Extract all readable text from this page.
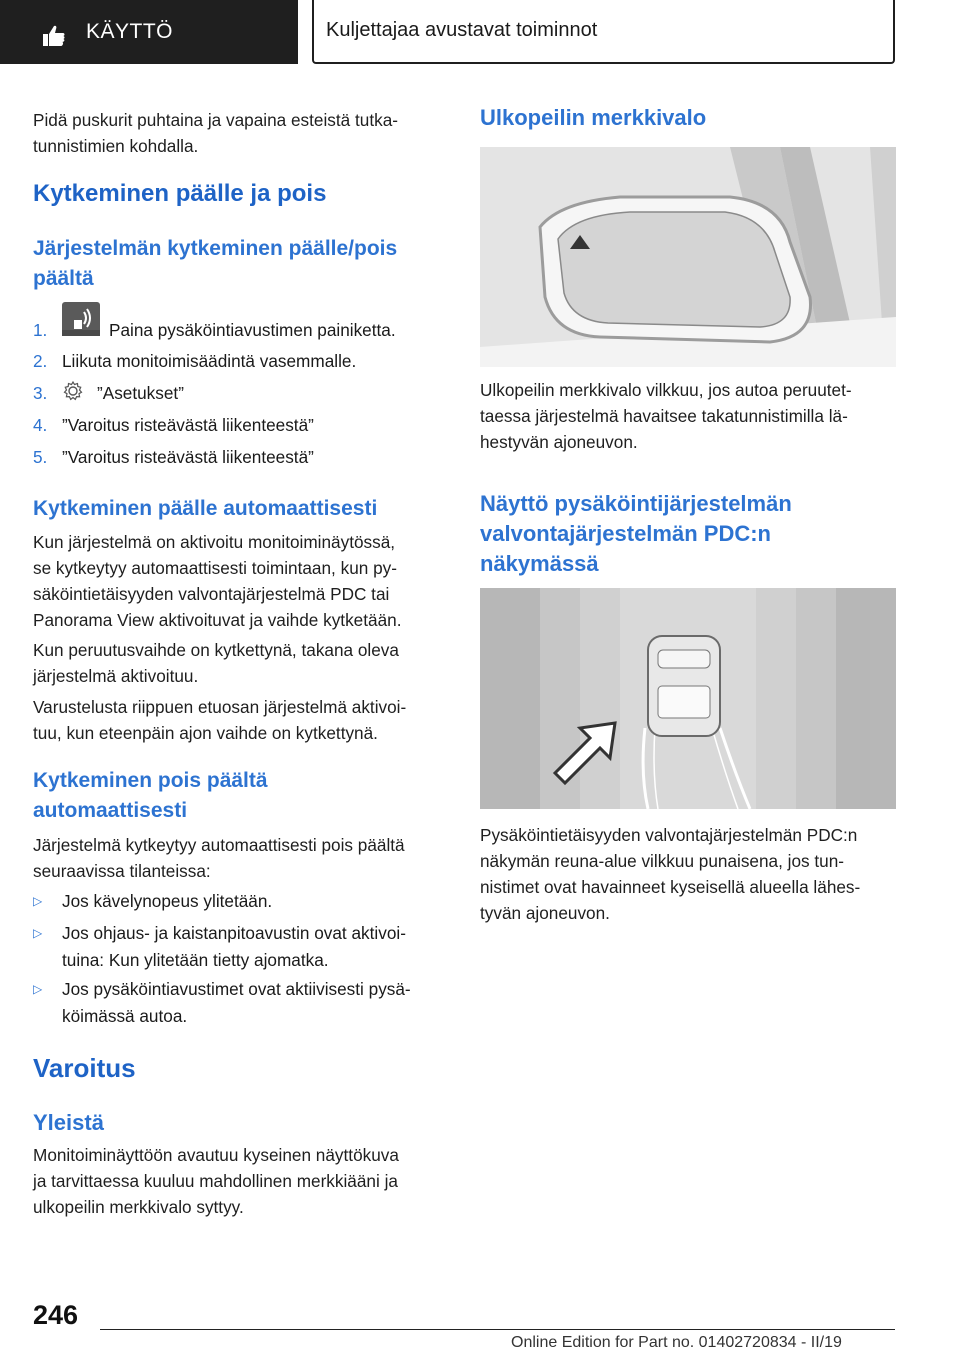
KÄYTTÖ	Kuljettajaa avustavat toiminnot
Pidä puskurit puhtaina ja vapaina esteistä tutka-
tunnistimien kohdalla.
Kytkeminen päälle ja pois
Järjestelmän kytkeminen päälle/pois
päältä
1.	Paina pysäköintiavustimen painiketta.
2. Liikuta monitoimisäädintä vasemmalle.
3.	”Asetukset”
4. ”Varoitus risteävästä liikenteestä”
5. ”Varoitus risteävästä liikenteestä”
Kytkeminen päälle automaattisesti
Kun järjestelmä on aktivoitu monitoiminäytössä,
se kytkeytyy automaattisesti toimintaan, kun py-
säköintietäisyyden valvontajärjestelmä PDC tai
Panorama View aktivoituvat ja vaihde kytketään.
Kun peruutusvaihde on kytkettynä, takana oleva
järjestelmä aktivoituu.
Varustelusta riippuen etuosan järjestelmä aktivoi-
tuu, kun eteenpäin ajon vaihde on kytkettynä.
Kytkeminen pois päältä
automaattisesti
Järjestelmä kytkeytyy automaattisesti pois päältä
seuraavissa tilanteissa:
▷ Jos kävelynopeus ylitetään.
▷ Jos ohjaus- ja kaistanpitoavustin ovat aktivoi-
tuina: Kun ylitetään tietty ajomatka.
▷ Jos pysäköintiavustimet ovat aktiivisesti pysä-
köimässä autoa.
Varoitus
Yleistä
Monitoiminäyttöön avautuu kyseinen näyttökuva
ja tarvittaessa kuuluu mahdollinen merkkiääni ja
ulkopeilin merkkivalo syttyy.
Ulkopeilin merkkivalo
Ulkopeilin merkkivalo vilkkuu, jos autoa peruutet-
taessa järjestelmä havaitsee takatunnistimilla lä-
hestyvän ajoneuvon.
Näyttö pysäköintijärjestelmän
valvontajärjestelmän PDC:n
näkymässä
Pysäköintietäisyyden valvontajärjestelmän PDC:n
näkymän reuna-alue vilkkuu punaisena, jos tun-
nistimet ovat havainneet kyseisellä alueella lähes-
tyvän ajoneuvon.
246
Online Edition for Part no. 01402720834 - II/19
